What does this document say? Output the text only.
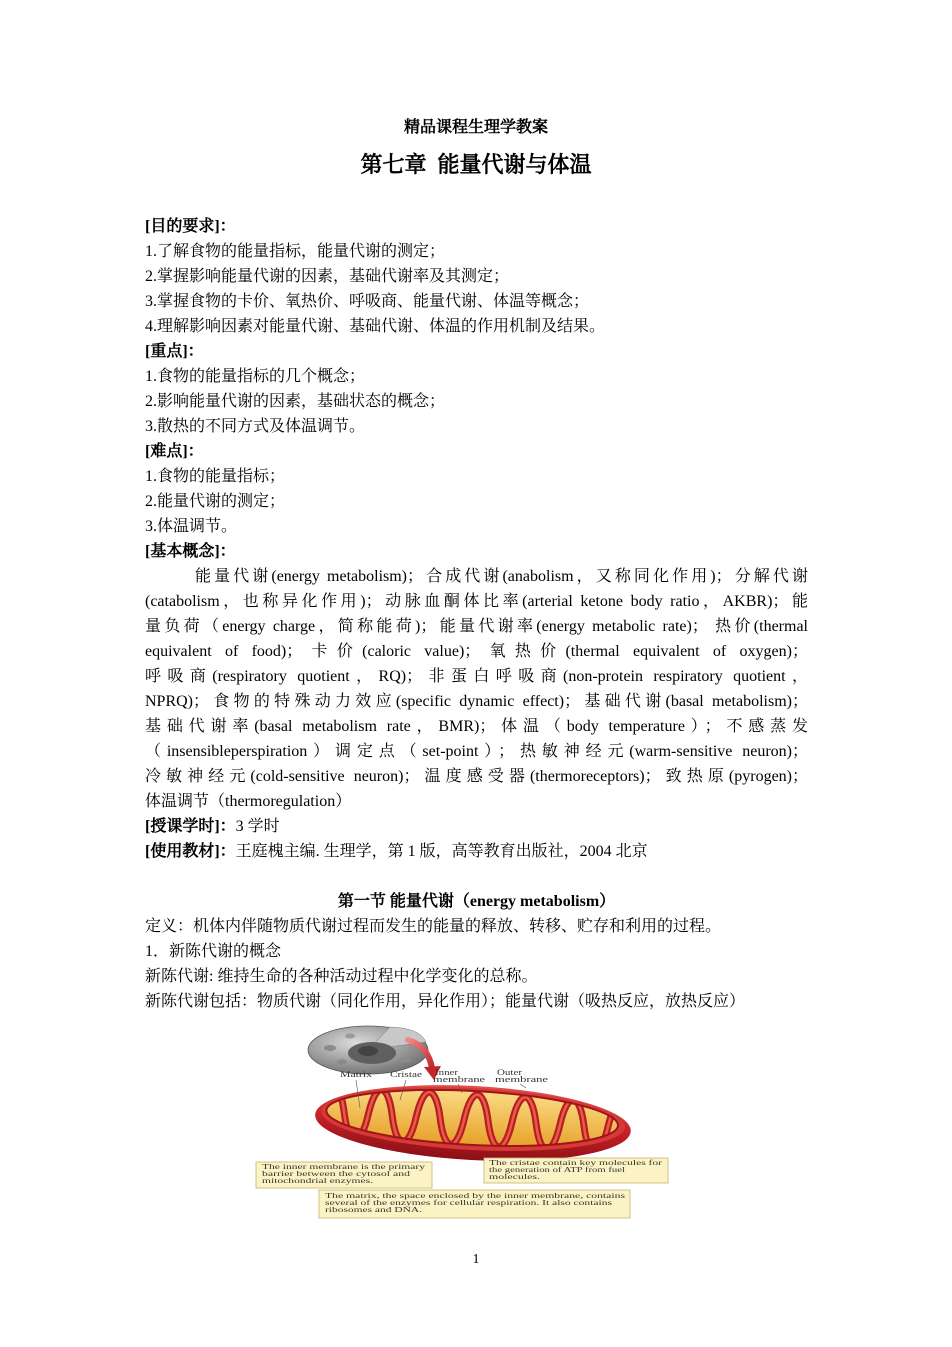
精品课程生理学教案
第七章  能量代谢与体温
[目的要求]：
1.了解食物的能量指标，能量代谢的测定；
2.掌握影响能量代谢的因素，基础代谢率及其测定；
3.掌握食物的卡价、氧热价、呼吸商、能量代谢、体温等概念；
4.理解影响因素对能量代谢、基础代谢、体温的作用机制及结果。
[重点]：
1.食物的能量指标的几个概念；
2.影响能量代谢的因素，基础状态的概念；
3.散热的不同方式及体温调节。
[难点]：
1.食物的能量指标；
2.能量代谢的测定；
3.体温调节。
[基本概念]：
能量代谢(energy metabolism)；合成代谢(anabolism，又称同化作用)；分解代谢
(catabolism，也称异化作用)；动脉血酮体比率(arterial ketone body ratio，AKBR)；能
量负荷（energy charge，简称能荷)；能量代谢率(energy metabolic rate)； 热价(thermal
equivalent of food)；卡价(caloric value)；氧热价(thermal equivalent of oxygen)；
呼吸商(respiratory quotient，RQ)；非蛋白呼吸商(non-protein respiratory quotient，
NPRQ)；食物的特殊动力效应(specific dynamic effect)；基础代谢(basal metabolism)；
基础代谢率(basal metabolism rate，BMR)；体温（body temperature）；不感蒸发
（insensibleperspiration）调定点（set-point）；热敏神经元(warm-sensitive neuron)；
冷敏神经元(cold-sensitive neuron)；温度感受器(thermoreceptors)；致热原(pyrogen)；
体温调节（thermoregulation）
[授课学时]：3 学时
[使用教材]：王庭槐主编. 生理学，第 1 版，高等教育出版社，2004 北京
第一节 能量代谢（energy metabolism）
定义：机体内伴随物质代谢过程而发生的能量的释放、转移、贮存和利用的过程。
1．新陈代谢的概念
新陈代谢: 维持生命的各种活动过程中化学变化的总称。
新陈代谢包括：物质代谢（同化作用，异化作用）；能量代谢（吸热反应，放热反应）
Matrix Cristae Inner
membrane
Outer
membrane
The inner membrane is the primary
barrier between the cytosol and
mitochondrial enzymes.
The cristae contain key molecules for
the generation of ATP from fuel
molecules.
The matrix, the space enclosed by the inner membrane, contains
several of the enzymes for cellular respiration. It also contains
ribosomes and DNA.
1
